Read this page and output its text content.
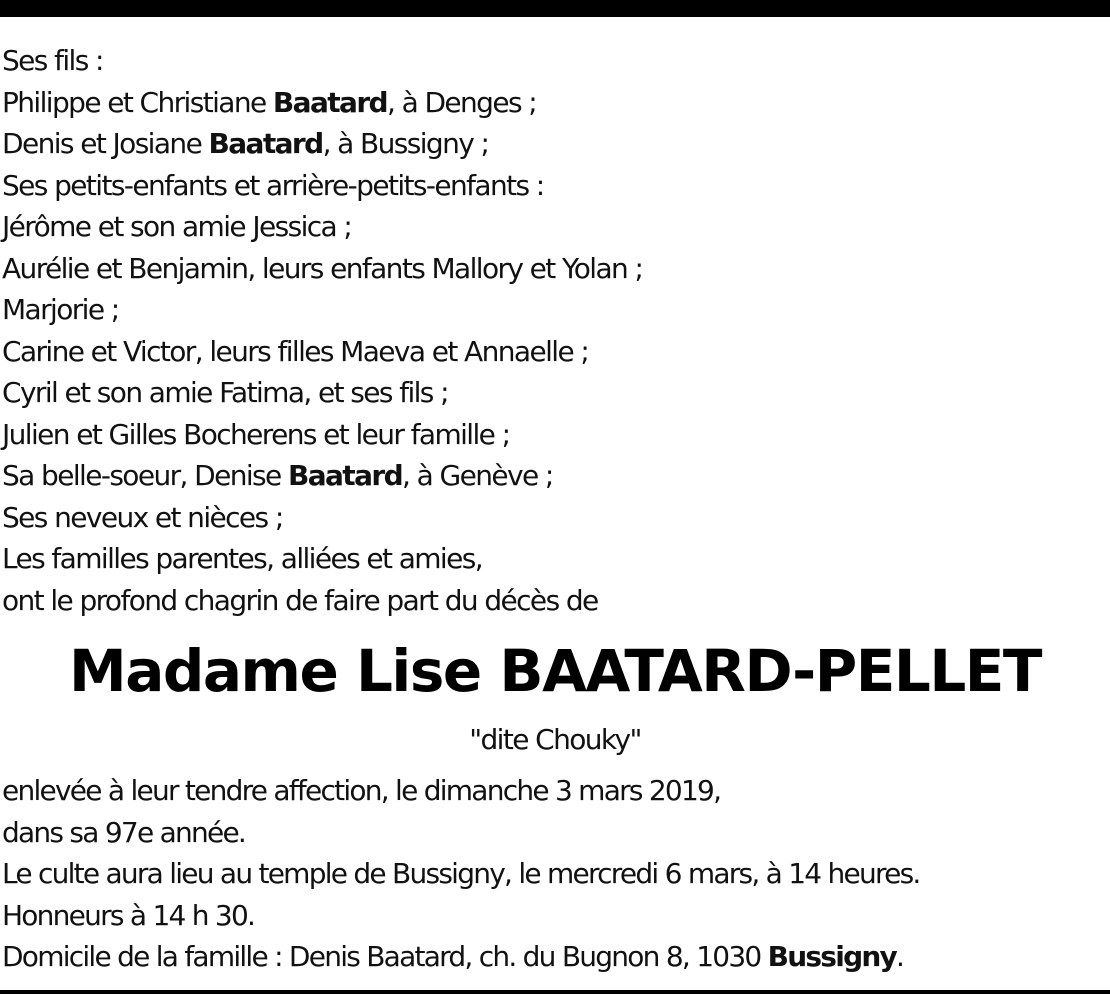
Ses fils :
Philippe et Christiane Baatard, à Denges ;
Denis et Josiane Baatard, à Bussigny ;
Ses petits-enfants et arrière-petits-enfants :
Jérôme et son amie Jessica ;
Aurélie et Benjamin, leurs enfants Mallory et Yolan ;
Marjorie ;
Carine et Victor, leurs filles Maeva et Annaelle ;
Cyril et son amie Fatima, et ses fils ;
Julien et Gilles Bocherens et leur famille ;
Sa belle-soeur, Denise Baatard, à Genève ;
Ses neveux et nièces ;
Les familles parentes, alliées et amies,
ont le profond chagrin de faire part du décès de
Madame Lise BAATARD-PELLET
"dite Chouky"
enlevée à leur tendre affection, le dimanche 3 mars 2019,
dans sa 97e année.
Le culte aura lieu au temple de Bussigny, le mercredi 6 mars, à 14 heures.
Honneurs à 14 h 30.
Domicile de la famille : Denis Baatard, ch. du Bugnon 8, 1030 Bussigny.
